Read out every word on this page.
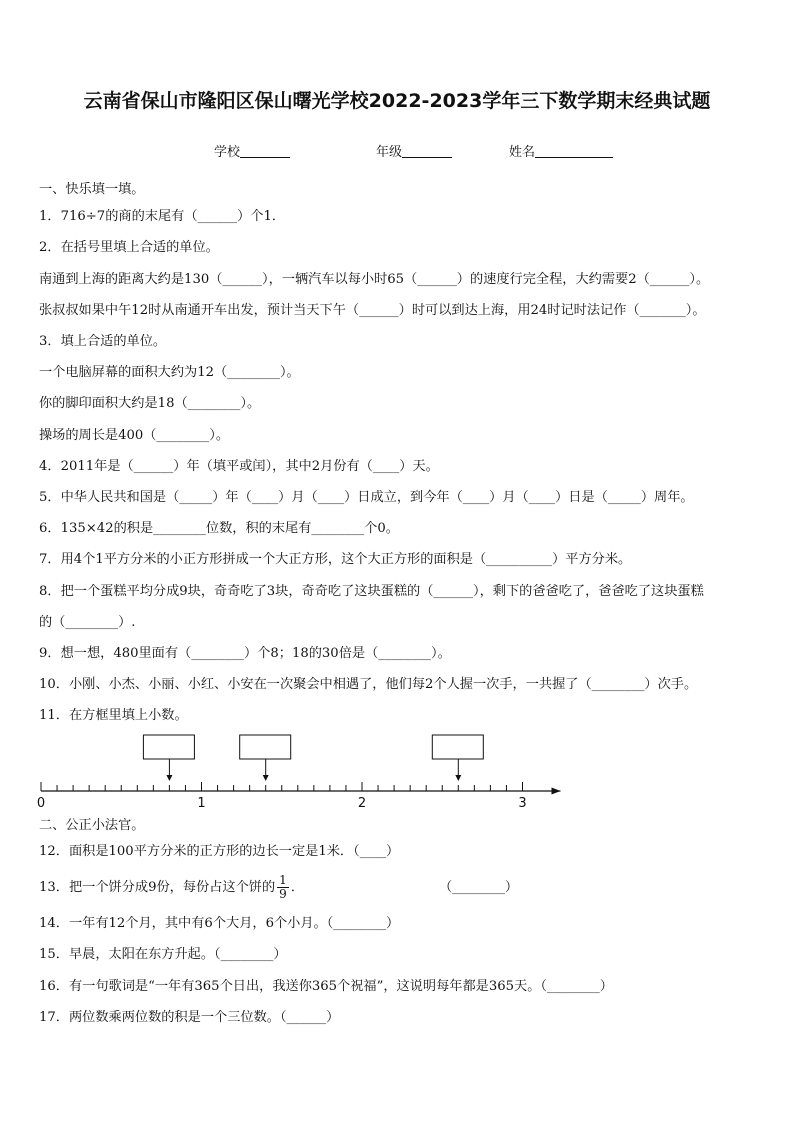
云南省保山市隆阳区保山曙光学校2022-2023学年三下数学期末经典试题
学校	年级	姓名
一、快乐填一填。
1．716÷7的商的末尾有（______）个1．
2．在括号里填上合适的单位。
南通到上海的距离大约是130（______），一辆汽车以每小时65（______）的速度行完全程，大约需要2（______）。
张叔叔如果中午12时从南通开车出发，预计当天下午（______）时可以到达上海，用24时记时法记作（_______）。
3．填上合适的单位。
一个电脑屏幕的面积大约为12（________）。
你的脚印面积大约是18（________）。
操场的周长是400（________）。
4．2011年是（______）年（填平或闰），其中2月份有（____）天。
5．中华人民共和国是（_____）年（____）月（____）日成立，到今年（____）月（____）日是（_____）周年。
6．135×42的积是________位数，积的末尾有________个0。
7．用4个1平方分米的小正方形拼成一个大正方形，这个大正方形的面积是（__________）平方分米。
8．把一个蛋糕平均分成9块，奇奇吃了3块，奇奇吃了这块蛋糕的（______），剩下的爸爸吃了，爸爸吃了这块蛋糕
的（________）.
9．想一想，480里面有（________）个8；18的30倍是（________）。
10．小刚、小杰、小丽、小红、小安在一次聚会中相遇了，他们每2个人握一次手，一共握了（________）次手。
11．在方框里填上小数。
0	1	2	3
二、公正小法官。
12．面积是100平方分米的正方形的边长一定是1米．（____）
13．把一个饼分成9份，每份占这个饼的 $\frac{1}{9}$ ．	（________）
14．一年有12个月，其中有6个大月，6个小月。（________）
15．早晨，太阳在东方升起。（________）
16．有一句歌词是“一年有365个日出，我送你365个祝福”，这说明每年都是365天。（________）
17．两位数乘两位数的积是一个三位数。（______）
